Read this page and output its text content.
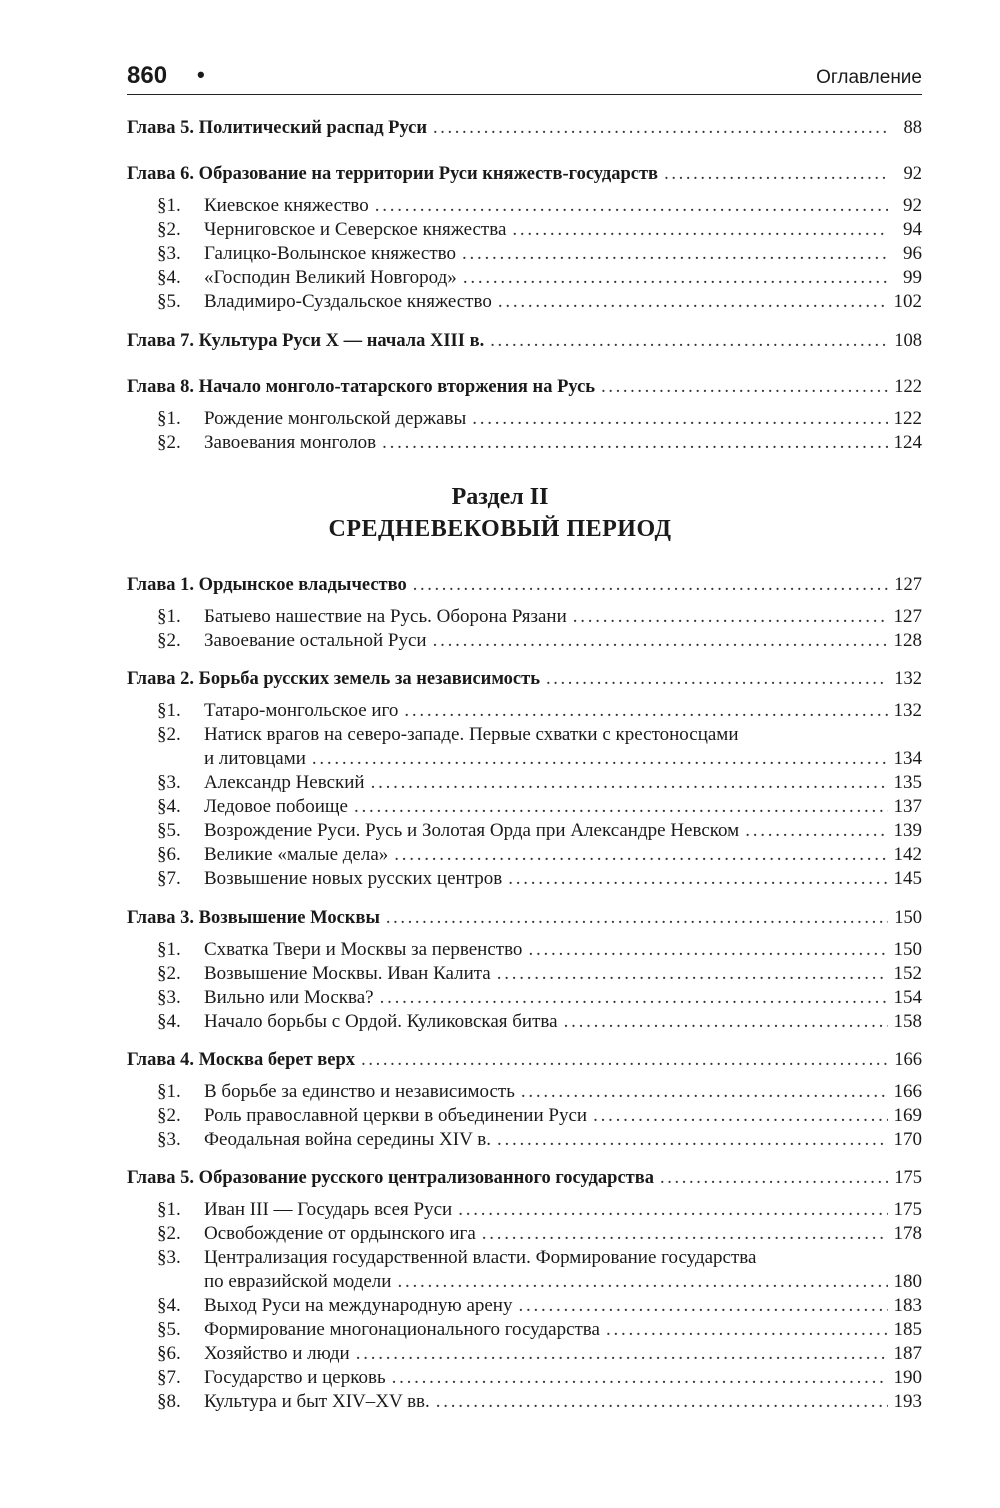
860 •	Оглавление
Глава 5. Политический распад Руси . . .	88
Глава 6. Образование на территории Руси княжеств-государств . . .	92
§1.	Киевское княжество . . .	92
§2.	Черниговское и Северское княжества . . .	94
§3.	Галицко-Волынское княжество . . .	96
§4.	«Господин Великий Новгород» . . .	99
§5.	Владимиро-Суздальское княжество . . .	102
Глава 7. Культура Руси X — начала XIII в. . . .	108
Глава 8. Начало монголо-татарского вторжения на Русь . . .	122
§1.	Рождение монгольской державы . . .	122
§2.	Завоевания монголов . . .	124
Раздел II
СРЕДНЕВЕКОВЫЙ ПЕРИОД
Глава 1. Ордынское владычество . . .	127
§1.	Батыево нашествие на Русь. Оборона Рязани . . .	127
§2.	Завоевание остальной Руси . . .	128
Глава 2. Борьба русских земель за независимость . . .	132
§1.	Татаро-монгольское иго . . .	132
§2.	Натиск врагов на северо-западе. Первые схватки с крестоносцами
и литовцами . . .	134
§3.	Александр Невский . . .	135
§4.	Ледовое побоище . . .	137
§5.	Возрождение Руси. Русь и Золотая Орда при Александре Невском . . .	139
§6.	Великие «малые дела» . . .	142
§7.	Возвышение новых русских центров . . .	145
Глава 3. Возвышение Москвы . . .	150
§1.	Схватка Твери и Москвы за первенство . . .	150
§2.	Возвышение Москвы. Иван Калита . . .	152
§3.	Вильно или Москва? . . .	154
§4.	Начало борьбы с Ордой. Куликовская битва . . .	158
Глава 4. Москва берет верх . . .	166
§1.	В борьбе за единство и независимость . . .	166
§2.	Роль православной церкви в объединении Руси . . .	169
§3.	Феодальная война середины XIV в. . . .	170
Глава 5. Образование русского централизованного государства . . .	175
§1.	Иван III — Государь всея Руси . . .	175
§2.	Освобождение от ордынского ига . . .	178
§3.	Централизация государственной власти. Формирование государства
по евразийской модели . . .	180
§4.	Выход Руси на международную арену . . .	183
§5.	Формирование многонационального государства . . .	185
§6.	Хозяйство и люди . . .	187
§7.	Государство и церковь . . .	190
§8.	Культура и быт XIV–XV вв. . . .	193
